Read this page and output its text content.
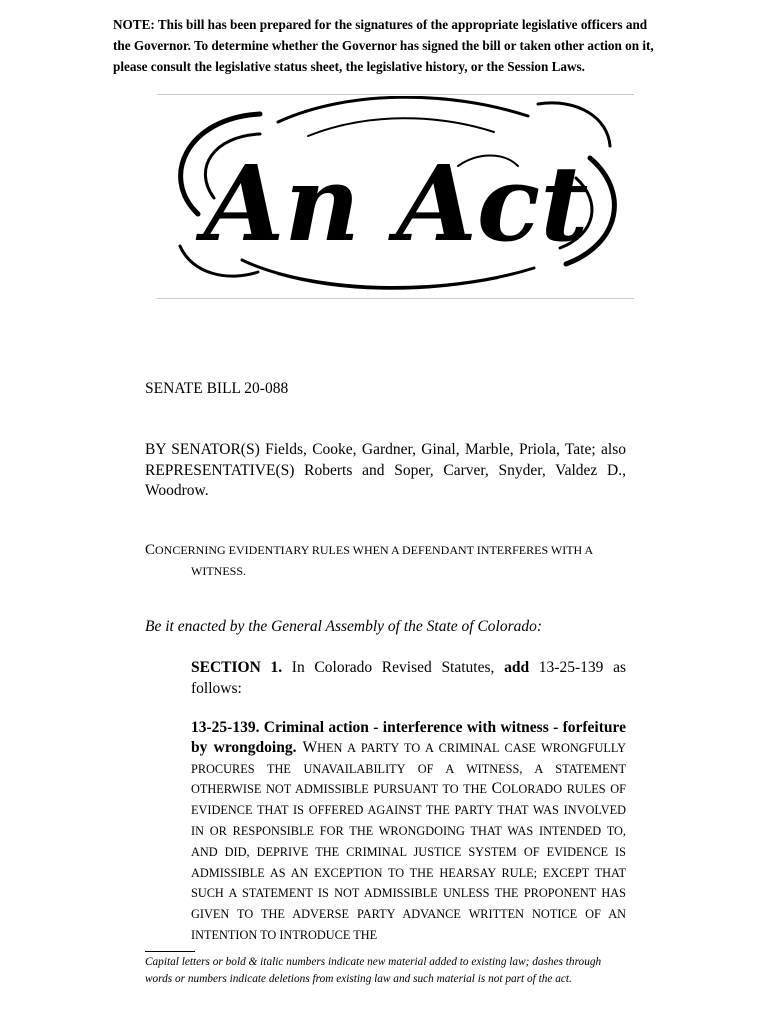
NOTE: This bill has been prepared for the signatures of the appropriate legislative officers and the Governor. To determine whether the Governor has signed the bill or taken other action on it, please consult the legislative status sheet, the legislative history, or the Session Laws.
An Act
SENATE BILL 20-088
BY SENATOR(S) Fields, Cooke, Gardner, Ginal, Marble, Priola, Tate; also REPRESENTATIVE(S) Roberts and Soper, Carver, Snyder, Valdez D., Woodrow.
CONCERNING EVIDENTIARY RULES WHEN A DEFENDANT INTERFERES WITH A
WITNESS.
Be it enacted by the General Assembly of the State of Colorado:
SECTION 1. In Colorado Revised Statutes, add 13-25-139 as follows:
13-25-139. Criminal action - interference with witness - forfeiture by wrongdoing. WHEN A PARTY TO A CRIMINAL CASE WRONGFULLY PROCURES THE UNAVAILABILITY OF A WITNESS, A STATEMENT OTHERWISE NOT ADMISSIBLE PURSUANT TO THE COLORADO RULES OF EVIDENCE THAT IS OFFERED AGAINST THE PARTY THAT WAS INVOLVED IN OR RESPONSIBLE FOR THE WRONGDOING THAT WAS INTENDED TO, AND DID, DEPRIVE THE CRIMINAL JUSTICE SYSTEM OF EVIDENCE IS ADMISSIBLE AS AN EXCEPTION TO THE HEARSAY RULE; EXCEPT THAT SUCH A STATEMENT IS NOT ADMISSIBLE UNLESS THE PROPONENT HAS GIVEN TO THE ADVERSE PARTY ADVANCE WRITTEN NOTICE OF AN INTENTION TO INTRODUCE THE
Capital letters or bold & italic numbers indicate new material added to existing law; dashes through words or numbers indicate deletions from existing law and such material is not part of the act.
